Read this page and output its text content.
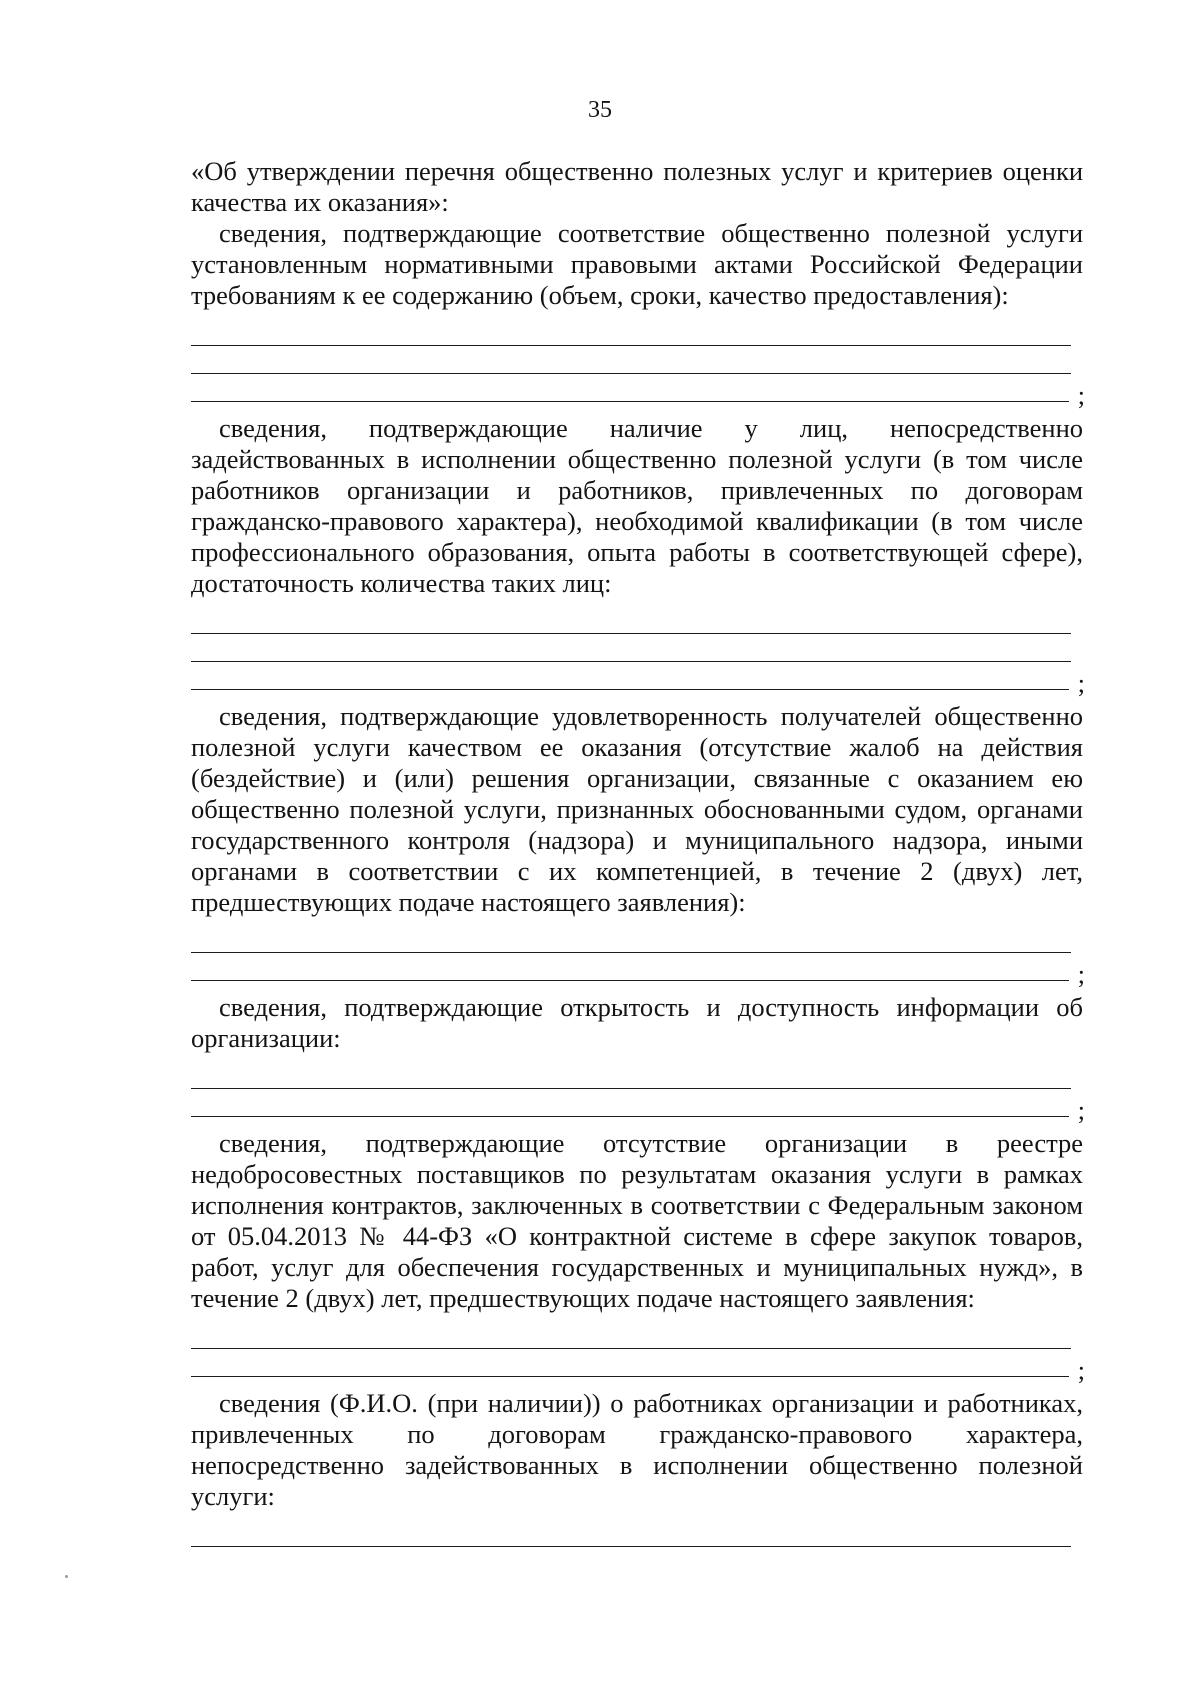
35

«Об утверждении перечня общественно полезных услуг и критериев оценки качества их оказания»:

сведения, подтверждающие соответствие общественно полезной услуги установленным нормативными правовыми актами Российской Федерации требованиям к ее содержанию (объем, сроки, качество предоставления):

;

сведения, подтверждающие наличие у лиц, непосредственно задействованных в исполнении общественно полезной услуги (в том числе работников организации и работников, привлеченных по договорам гражданско-правового характера), необходимой квалификации (в том числе профессионального образования, опыта работы в соответствующей сфере), достаточность количества таких лиц:

;

сведения, подтверждающие удовлетворенность получателей общественно полезной услуги качеством ее оказания (отсутствие жалоб на действия (бездействие) и (или) решения организации, связанные с оказанием ею общественно полезной услуги, признанных обоснованными судом, органами государственного контроля (надзора) и муниципального надзора, иными органами в соответствии с их компетенцией, в течение 2 (двух) лет, предшествующих подаче настоящего заявления):

;

сведения, подтверждающие открытость и доступность информации об организации:

;

сведения, подтверждающие отсутствие организации в реестре недобросовестных поставщиков по результатам оказания услуги в рамках исполнения контрактов, заключенных в соответствии с Федеральным законом от 05.04.2013 № 44-ФЗ «О контрактной системе в сфере закупок товаров, работ, услуг для обеспечения государственных и муниципальных нужд», в течение 2 (двух) лет, предшествующих подаче настоящего заявления:

;

сведения (Ф.И.О. (при наличии)) о работниках организации и работниках, привлеченных по договорам гражданско-правового характера, непосредственно задействованных в исполнении общественно полезной услуги:
